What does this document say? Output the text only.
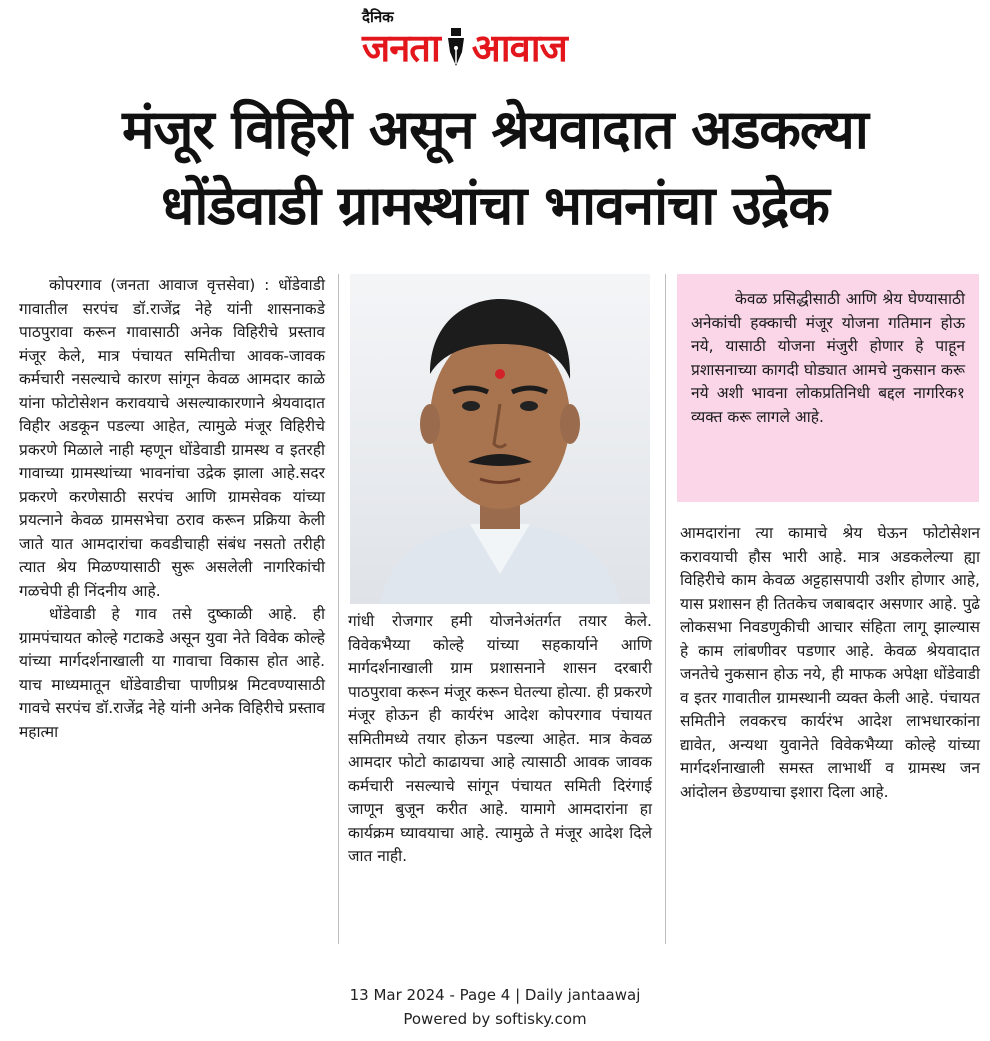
दैनिक
जनता आवाज
मंजूर विहिरी असून श्रेयवादात अडकल्या
धोंडेवाडी ग्रामस्थांचा भावनांचा उद्रेक

कोपरगाव (जनता आवाज वृत्तसेवा) : धोंडेवाडी गावातील सरपंच डॉ.राजेंद्र नेहे यांनी शासनाकडे पाठपुरावा करून गावासाठी अनेक विहिरीचे प्रस्ताव मंजूर केले, मात्र पंचायत समितीचा आवक-जावक कर्मचारी नसल्याचे कारण सांगून केवळ आमदार काळे यांना फोटोसेशन करावयाचे असल्याकारणाने श्रेयवादात विहीर अडकून पडल्या आहेत, त्यामुळे मंजूर विहिरीचे प्रकरणे मिळाले नाही म्हणून धोंडेवाडी ग्रामस्थ व इतरही गावाच्या ग्रामस्थांच्या भावनांचा उद्रेक झाला आहे.सदर प्रकरणे करणेसाठी सरपंच आणि ग्रामसेवक यांच्या प्रयत्नाने केवळ ग्रामसभेचा ठराव करून प्रक्रिया केली जाते यात आमदारांचा कवडीचाही संबंध नसतो तरीही त्यात श्रेय मिळण्यासाठी सुरू असलेली नागरिकांची गळचेपी ही निंदनीय आहे.

धोंडेवाडी हे गाव तसे दुष्काळी आहे. ही ग्रामपंचायत कोल्हे गटाकडे असून युवा नेते विवेक कोल्हे यांच्या मार्गदर्शनाखाली या गावाचा विकास होत आहे. याच माध्यमातून धोंडेवाडीचा पाणीप्रश्न मिटवण्यासाठी गावचे सरपंच डॉ.राजेंद्र नेहे यांनी अनेक विहिरीचे प्रस्ताव महात्मा

गांधी रोजगार हमी योजनेअंतर्गत तयार केले. विवेकभैय्या कोल्हे यांच्या सहकार्याने आणि मार्गदर्शनाखाली ग्राम प्रशासनाने शासन दरबारी पाठपुरावा करून मंजूर करून घेतल्या होत्या. ही प्रकरणे मंजूर होऊन ही कार्यरंभ आदेश कोपरगाव पंचायत समितीमध्ये तयार होऊन पडल्या आहेत. मात्र केवळ आमदार फोटो काढायचा आहे त्यासाठी आवक जावक कर्मचारी नसल्याचे सांगून पंचायत समिती दिरंगाई जाणून बुजून करीत आहे. यामागे आमदारांना हा कार्यक्रम घ्यावयाचा आहे. त्यामुळे ते मंजूर आदेश दिले जात नाही.

केवळ प्रसिद्धीसाठी आणि श्रेय घेण्यासाठी अनेकांची हक्काची मंजूर योजना गतिमान होऊ नये, यासाठी योजना मंजुरी होणार हे पाहून प्रशासनाच्या कागदी घोड्यात आमचे नुकसान करू नये अशी भावना लोकप्रतिनिधी बद्दल नागरिक१ व्यक्त करू लागले आहे.

आमदारांना त्या कामाचे श्रेय घेऊन फोटोसेशन करावयाची हौस भारी आहे. मात्र अडकलेल्या ह्या विहिरीचे काम केवळ अट्टहासपायी उशीर होणार आहे, यास प्रशासन ही तितकेच जबाबदार असणार आहे. पुढे लोकसभा निवडणुकीची आचार संहिता लागू झाल्यास हे काम लांबणीवर पडणार आहे. केवळ श्रेयवादात जनतेचे नुकसान होऊ नये, ही माफक अपेक्षा धोंडेवाडी व इतर गावातील ग्रामस्थानी व्यक्त केली आहे. पंचायत समितीने लवकरच कार्यरंभ आदेश लाभधारकांना द्यावेत, अन्यथा युवानेते विवेकभैय्या कोल्हे यांच्या मार्गदर्शनाखाली समस्त लाभार्थी व ग्रामस्थ जन आंदोलन छेडण्याचा इशारा दिला आहे.

13 Mar 2024 - Page 4 | Daily jantaawaj
Powered by softisky.com
